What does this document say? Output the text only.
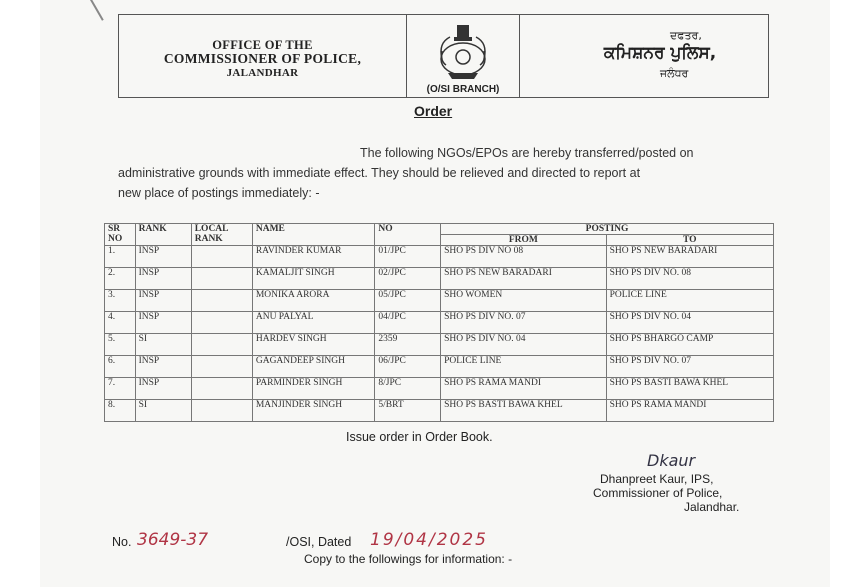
OFFICE OF THE
COMMISSIONER OF POLICE,
JALANDHAR
(O/SI BRANCH)
ਦਫਤਰ,
ਕਮਿਸ਼ਨਰ ਪੁਲਿਸ,
ਜਲੰਧਰ
Order
The following NGOs/EPOs are hereby transferred/posted on
administrative grounds with immediate effect. They should be relieved and directed to report at
new place of postings immediately: -
SR NO	RANK	LOCAL RANK	NAME	NO	POSTING	
					FROM	TO
1.	INSP		RAVINDER KUMAR	01/JPC	SHO PS DIV NO 08	SHO PS NEW BARADARI
2.	INSP		KAMALJIT SINGH	02/JPC	SHO PS NEW BARADARI	SHO PS DIV NO. 08
3.	INSP		MONIKA ARORA	05/JPC	SHO WOMEN	POLICE LINE
4.	INSP		ANU PALYAL	04/JPC	SHO PS DIV NO. 07	SHO PS DIV NO. 04
5.	SI		HARDEV SINGH	2359	SHO PS DIV NO. 04	SHO PS BHARGO CAMP
6.	INSP		GAGANDEEP SINGH	06/JPC	POLICE LINE	SHO PS DIV NO. 07
7.	INSP		PARMINDER SINGH	8/JPC	SHO PS RAMA MANDI	SHO PS BASTI BAWA KHEL
8.	SI		MANJINDER SINGH	5/BRT	SHO PS BASTI BAWA KHEL	SHO PS RAMA MANDI
Issue order in Order Book.
Dkaur
Dhanpreet Kaur, IPS,
Commissioner of Police,
Jalandhar.
No. 3649-37	/OSI, Dated 19/04/2025
Copy to the followings for information: -
